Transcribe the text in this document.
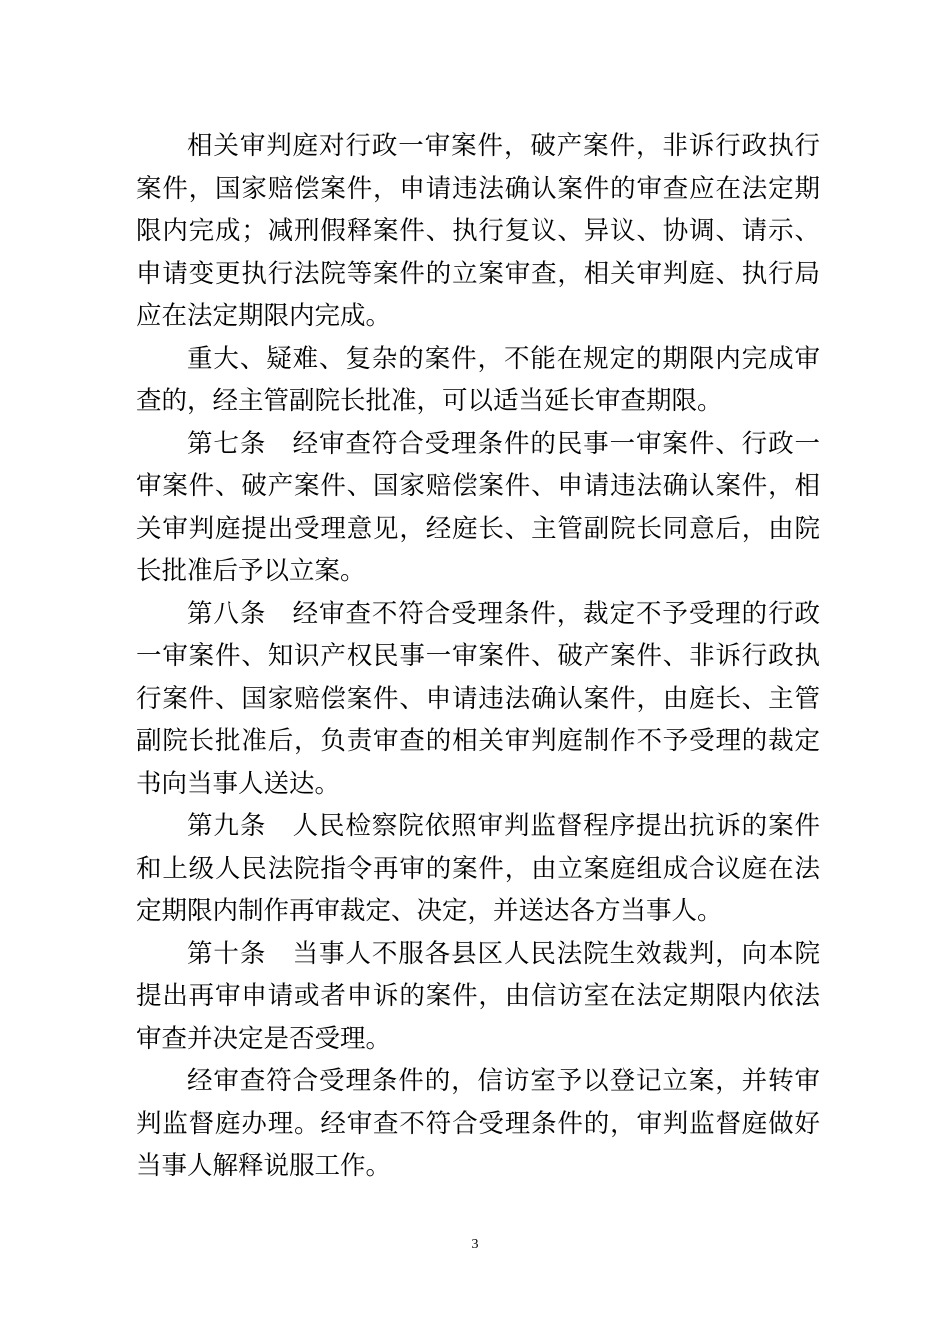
相关审判庭对行政一审案件，破产案件，非诉行政执行案件，国家赔偿案件，申请违法确认案件的审查应在法定期限内完成；减刑假释案件、执行复议、异议、协调、请示、申请变更执行法院等案件的立案审查，相关审判庭、执行局应在法定期限内完成。

重大、疑难、复杂的案件，不能在规定的期限内完成审查的，经主管副院长批准，可以适当延长审查期限。

第七条　经审查符合受理条件的民事一审案件、行政一审案件、破产案件、国家赔偿案件、申请违法确认案件，相关审判庭提出受理意见，经庭长、主管副院长同意后，由院长批准后予以立案。

第八条　经审查不符合受理条件，裁定不予受理的行政一审案件、知识产权民事一审案件、破产案件、非诉行政执行案件、国家赔偿案件、申请违法确认案件，由庭长、主管副院长批准后，负责审查的相关审判庭制作不予受理的裁定书向当事人送达。

第九条　人民检察院依照审判监督程序提出抗诉的案件和上级人民法院指令再审的案件，由立案庭组成合议庭在法定期限内制作再审裁定、决定，并送达各方当事人。

第十条　当事人不服各县区人民法院生效裁判，向本院提出再审申请或者申诉的案件，由信访室在法定期限内依法审查并决定是否受理。

经审查符合受理条件的，信访室予以登记立案，并转审判监督庭办理。经审查不符合受理条件的，审判监督庭做好当事人解释说服工作。

3
